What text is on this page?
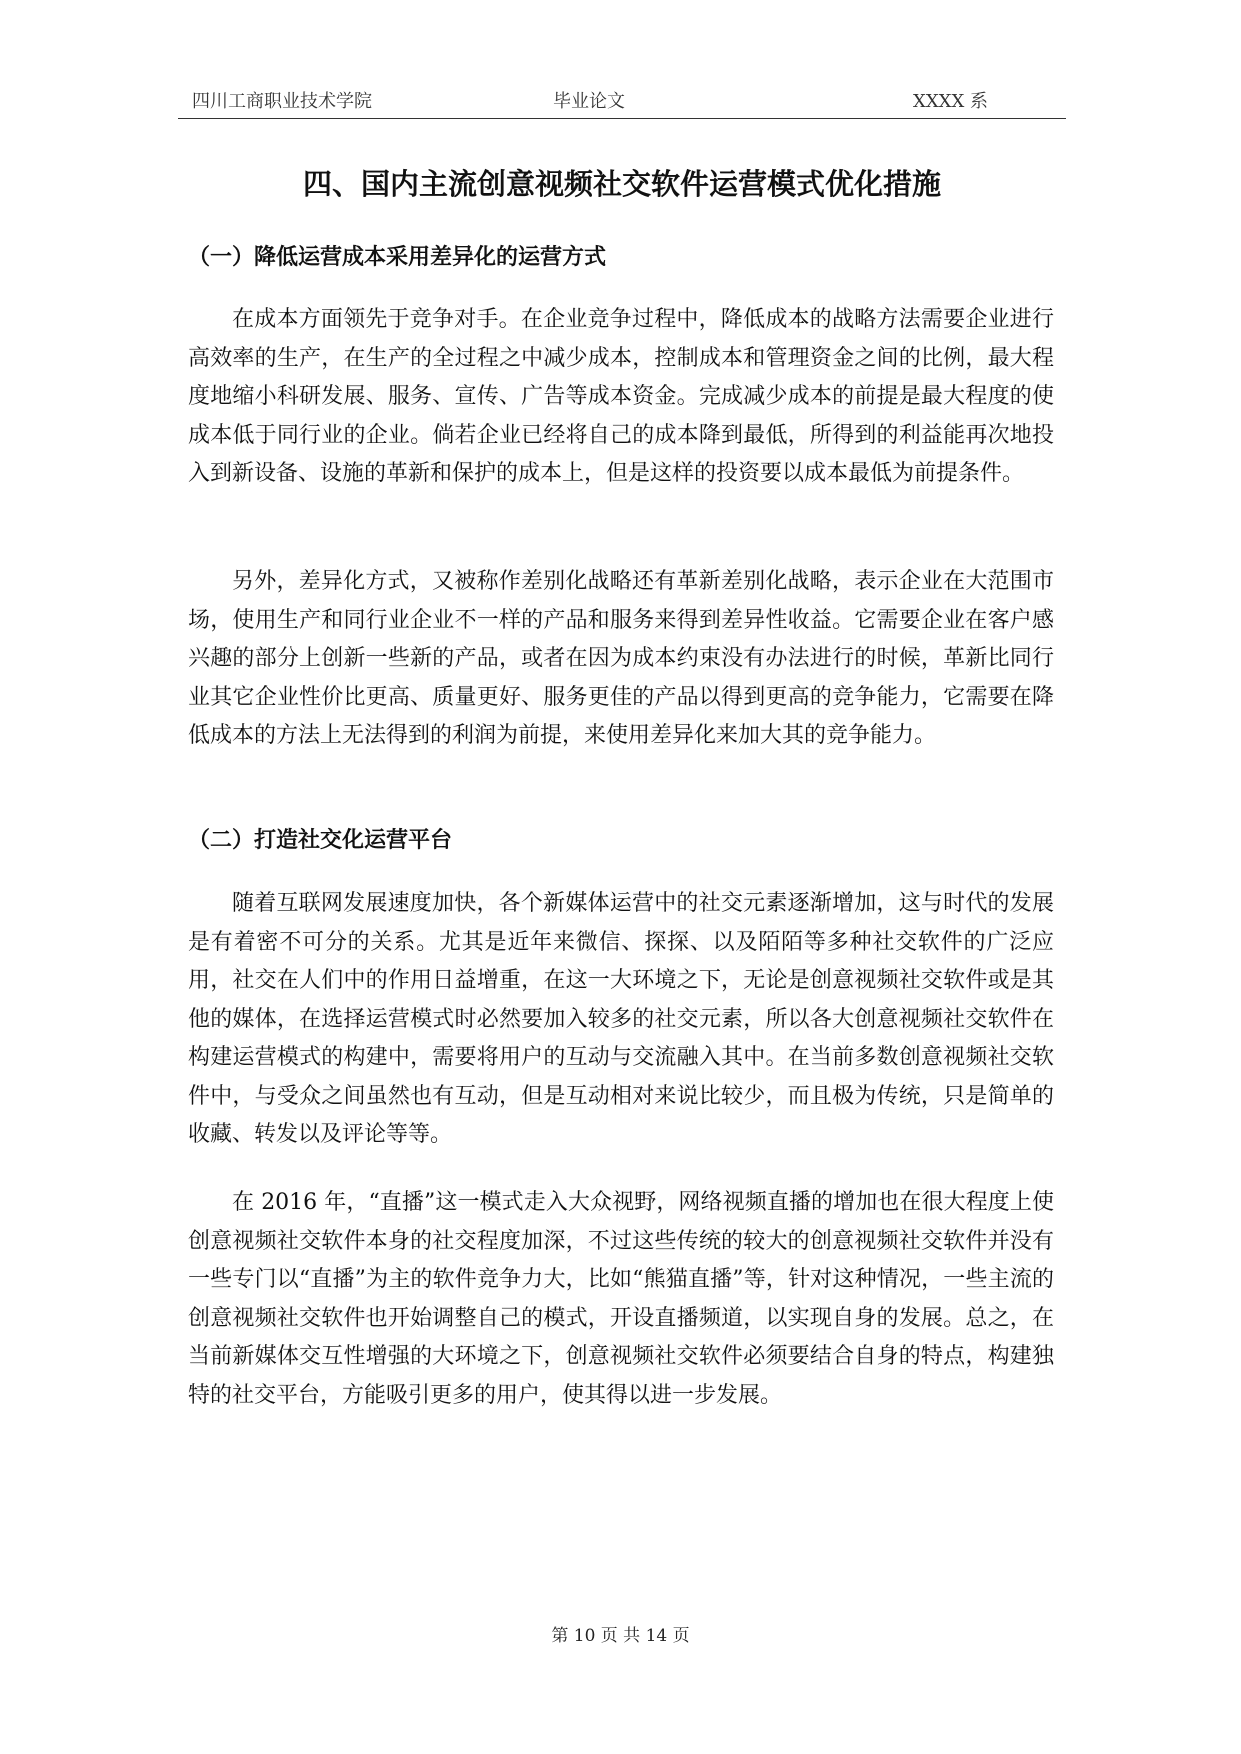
四川工商职业技术学院	毕业论文	XXXX 系
四、国内主流创意视频社交软件运营模式优化措施
（一）降低运营成本采用差异化的运营方式

在成本方面领先于竞争对手。在企业竞争过程中，降低成本的战略方法需要企业进行高效率的生产，在生产的全过程之中减少成本，控制成本和管理资金之间的比例，最大程度地缩小科研发展、服务、宣传、广告等成本资金。完成减少成本的前提是最大程度的使成本低于同行业的企业。倘若企业已经将自己的成本降到最低，所得到的利益能再次地投入到新设备、设施的革新和保护的成本上，但是这样的投资要以成本最低为前提条件。

另外，差异化方式，又被称作差别化战略还有革新差别化战略，表示企业在大范围市场，使用生产和同行业企业不一样的产品和服务来得到差异性收益。它需要企业在客户感兴趣的部分上创新一些新的产品，或者在因为成本约束没有办法进行的时候，革新比同行业其它企业性价比更高、质量更好、服务更佳的产品以得到更高的竞争能力，它需要在降低成本的方法上无法得到的利润为前提，来使用差异化来加大其的竞争能力。

（二）打造社交化运营平台

随着互联网发展速度加快，各个新媒体运营中的社交元素逐渐增加，这与时代的发展是有着密不可分的关系。尤其是近年来微信、探探、以及陌陌等多种社交软件的广泛应用，社交在人们中的作用日益增重，在这一大环境之下，无论是创意视频社交软件或是其他的媒体，在选择运营模式时必然要加入较多的社交元素，所以各大创意视频社交软件在构建运营模式的构建中，需要将用户的互动与交流融入其中。在当前多数创意视频社交软件中，与受众之间虽然也有互动，但是互动相对来说比较少，而且极为传统，只是简单的收藏、转发以及评论等等。

在 2016 年，“直播”这一模式走入大众视野，网络视频直播的增加也在很大程度上使创意视频社交软件本身的社交程度加深，不过这些传统的较大的创意视频社交软件并没有一些专门以“直播”为主的软件竞争力大，比如“熊猫直播”等，针对这种情况，一些主流的创意视频社交软件也开始调整自己的模式，开设直播频道，以实现自身的发展。总之，在当前新媒体交互性增强的大环境之下，创意视频社交软件必须要结合自身的特点，构建独特的社交平台，方能吸引更多的用户，使其得以进一步发展。

第 10 页 共 14 页
